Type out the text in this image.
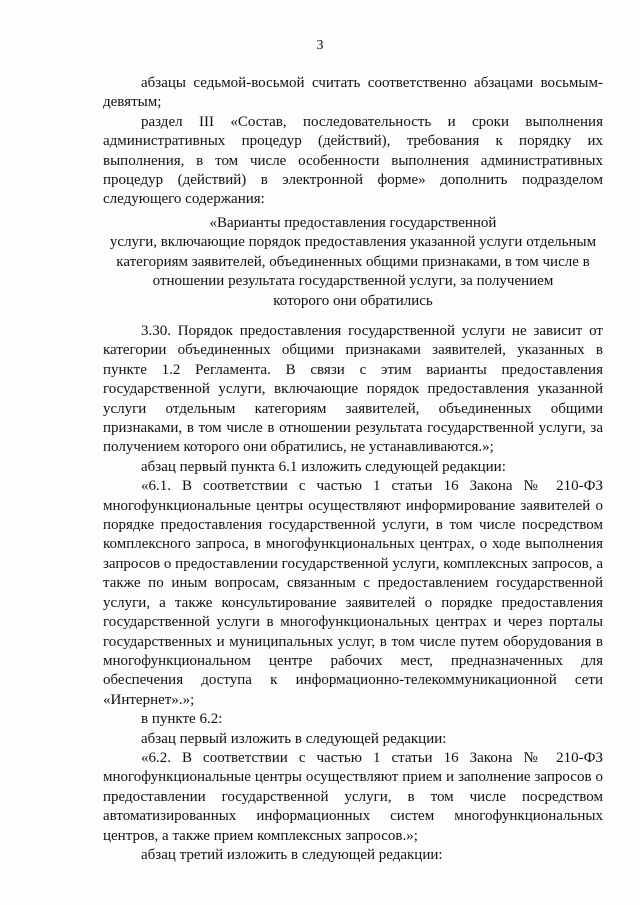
3

абзацы седьмой-восьмой считать соответственно абзацами восьмым-девятым;

раздел III «Состав, последовательность и сроки выполнения административных процедур (действий), требования к порядку их выполнения, в том числе особенности выполнения административных процедур (действий) в электронной форме» дополнить подразделом следующего содержания:

«Варианты предоставления государственной
услуги, включающие порядок предоставления указанной услуги отдельным
категориям заявителей, объединенных общими признаками, в том числе в
отношении результата государственной услуги, за получением
которого они обратились

3.30. Порядок предоставления государственной услуги не зависит от категории объединенных общими признаками заявителей, указанных в пункте 1.2 Регламента. В связи с этим варианты предоставления государственной услуги, включающие порядок предоставления указанной услуги отдельным категориям заявителей, объединенных общими признаками, в том числе в отношении результата государственной услуги, за получением которого они обратились, не устанавливаются.»;

абзац первый пункта 6.1 изложить следующей редакции:

«6.1. В соответствии с частью 1 статьи 16 Закона № 210-ФЗ многофункциональные центры осуществляют информирование заявителей о порядке предоставления государственной услуги, в том числе посредством комплексного запроса, в многофункциональных центрах, о ходе выполнения запросов о предоставлении государственной услуги, комплексных запросов, а также по иным вопросам, связанным с предоставлением государственной услуги, а также консультирование заявителей о порядке предоставления государственной услуги в многофункциональных центрах и через порталы государственных и муниципальных услуг, в том числе путем оборудования в многофункциональном центре рабочих мест, предназначенных для обеспечения доступа к информационно-телекоммуникационной сети «Интернет».»;

в пункте 6.2:

абзац первый изложить в следующей редакции:

«6.2. В соответствии с частью 1 статьи 16 Закона № 210-ФЗ многофункциональные центры осуществляют прием и заполнение запросов о предоставлении государственной услуги, в том числе посредством автоматизированных информационных систем многофункциональных центров, а также прием комплексных запросов.»;

абзац третий изложить в следующей редакции:
